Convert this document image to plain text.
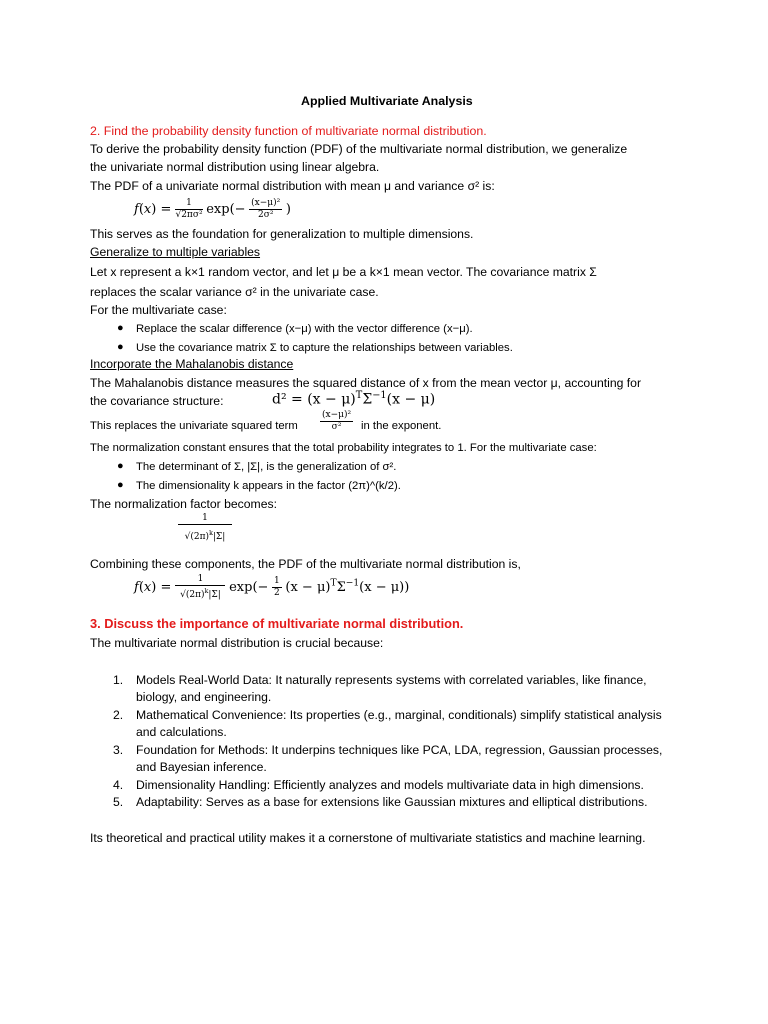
Applied Multivariate Analysis
2. Find the probability density function of multivariate normal distribution.
To derive the probability density function (PDF) of the multivariate normal distribution, we generalize
the univariate normal distribution using linear algebra.
The PDF of a univariate normal distribution with mean μ and variance σ² is:
$f(x) = \frac{1}{\text{√2πσ²}} \exp(- \frac{\text{(x−μ)²}}{\text{2σ²}}$ )
This serves as the foundation for generalization to multiple dimensions.
Generalize to multiple variables
Let x represent a k×1 random vector, and let μ be a k×1 mean vector. The covariance matrix Σ
replaces the scalar variance σ² in the univariate case.
For the multivariate case:
● Replace the scalar difference (x−μ) with the vector difference (x−μ).
● Use the covariance matrix Σ to capture the relationships between variables.
Incorporate the Mahalanobis distance
The Mahalanobis distance measures the squared distance of x from the mean vector μ, accounting for
the covariance structure:	$d^2 = (x - \mu)^T\Sigma^{-1}(x - \mu)$
This replaces the univariate squared term $\frac{\text{(x−μ)²}}{\text{σ²}}$ in the exponent.
The normalization constant ensures that the total probability integrates to 1. For the multivariate case:
● The determinant of Σ, |Σ|, is the generalization of σ².
● The dimensionality k appears in the factor (2π)^(k/2).
The normalization factor becomes:
$\frac{1}{√(2\pi)^k|\Sigma|}$
Combining these components, the PDF of the multivariate normal distribution is,
$f(x) = \frac{1}{√(2\pi)^k|\Sigma|} \exp(- \frac{1}{2} (x - \mu)^T\Sigma^{-1}(x - \mu))$
3. Discuss the importance of multivariate normal distribution.
The multivariate normal distribution is crucial because:
1. Models Real-World Data: It naturally represents systems with correlated variables, like finance,
biology, and engineering.
2. Mathematical Convenience: Its properties (e.g., marginal, conditionals) simplify statistical analysis
and calculations.
3. Foundation for Methods: It underpins techniques like PCA, LDA, regression, Gaussian processes,
and Bayesian inference.
4. Dimensionality Handling: Efficiently analyzes and models multivariate data in high dimensions.
5. Adaptability: Serves as a base for extensions like Gaussian mixtures and elliptical distributions.
Its theoretical and practical utility makes it a cornerstone of multivariate statistics and machine learning.
